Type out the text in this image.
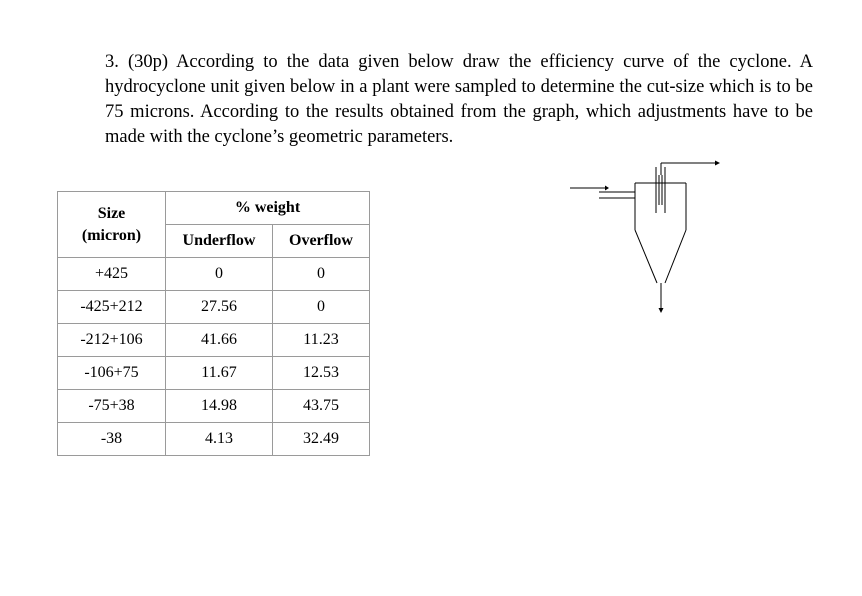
3. (30p) According to the data given below draw the efficiency curve of the cyclone. A hydrocyclone unit given below in a plant were sampled to determine the cut-size which is to be 75 microns. According to the results obtained from the graph, which adjustments have to be made with the cyclone’s geometric parameters.
Size
(micron)	% weight	
	Underflow	Overflow
+425	0	0
-425+212	27.56	0
-212+106	41.66	11.23
-106+75	11.67	12.53
-75+38	14.98	43.75
-38	4.13	32.49
